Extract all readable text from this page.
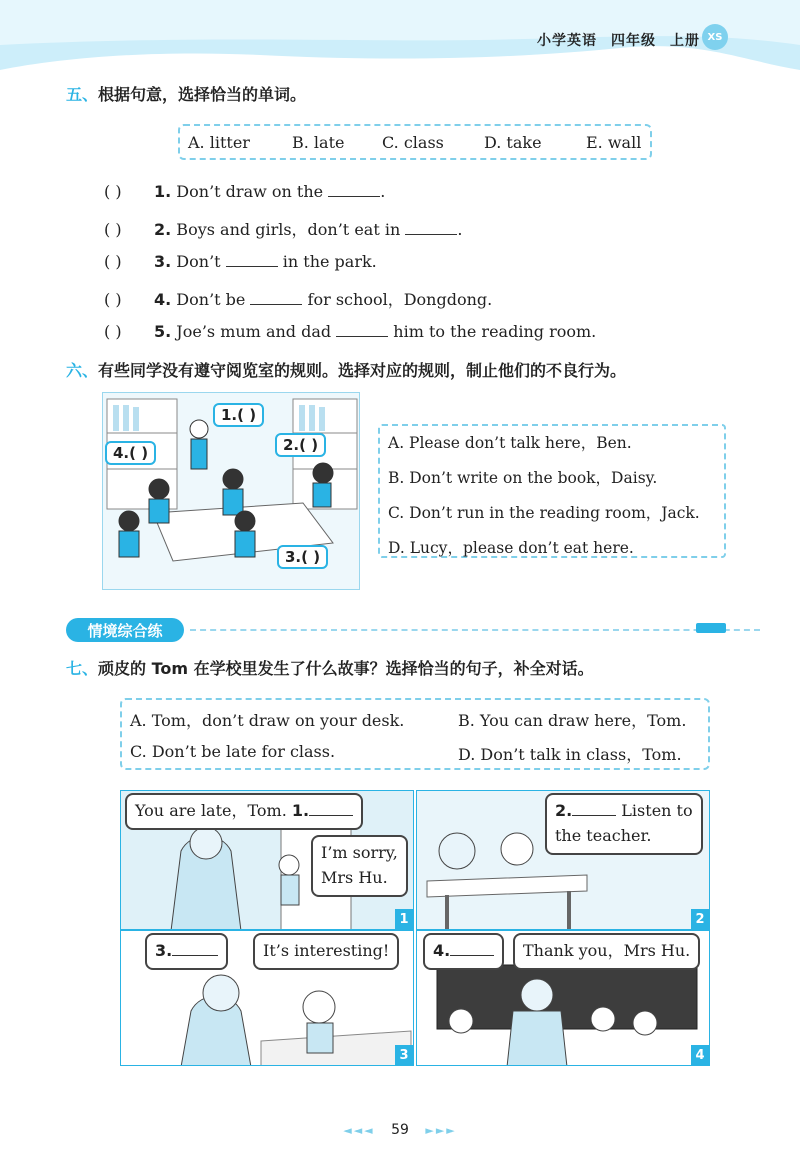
小学英语 四年级 上册 XS
五、根据句意，选择恰当的单词。
A. litter	B. late C. class	D. take	E. wall
( ) 1. Don’t draw on the	.
( ) 2. Boys and girls，don’t eat in	.
( ) 3. Don’t	in the park.
( ) 4. Don’t be	for school，Dongdong.
( ) 5. Joe’s mum and dad	him to the reading room.
六、有些同学没有遵守阅览室的规则。选择对应的规则，制止他们的不良行为。
1.( )
2.( )
3.( )
4.( )
A. Please don’t talk here，Ben.
B. Don’t write on the book，Daisy.
C. Don’t run in the reading room，Jack.
D. Lucy，please don’t eat here.
情境综合练
七、顽皮的 Tom 在学校里发生了什么故事？选择恰当的句子，补全对话。
A. Tom，don’t draw on your desk.	B. You can draw here，Tom.
C. Don’t be late for class.	D. Don’t talk in class，Tom.
You are late，Tom. 1.
I’m sorry,
Mrs Hu.
1
2.	Listen to
the teacher.
2
3.	It’s interesting!
3
4.	Thank you，Mrs Hu.
4
◄◄◄ 59 ►►►
